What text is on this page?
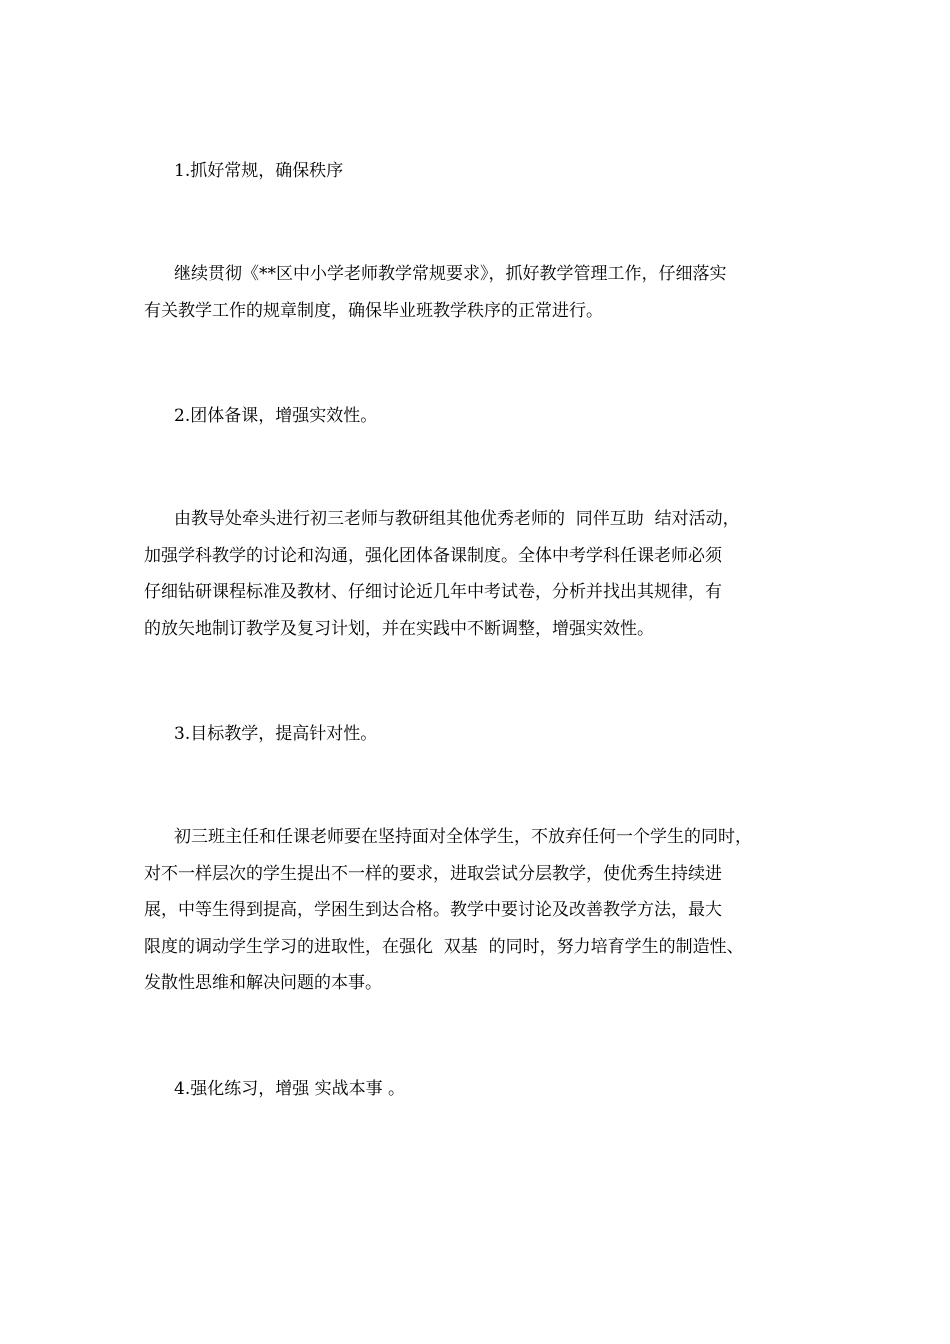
1.抓好常规，确保秩序
继续贯彻《**区中小学老师教学常规要求》，抓好教学管理工作，仔细落实
有关教学工作的规章制度，确保毕业班教学秩序的正常进行。
2.团体备课，增强实效性。
由教导处牵头进行初三老师与教研组其他优秀老师的  同伴互助  结对活动，
加强学科教学的讨论和沟通，强化团体备课制度。全体中考学科任课老师必须
仔细钻研课程标准及教材、仔细讨论近几年中考试卷，分析并找出其规律，有
的放矢地制订教学及复习计划，并在实践中不断调整，增强实效性。
3.目标教学，提高针对性。
初三班主任和任课老师要在坚持面对全体学生，不放弃任何一个学生的同时，
对不一样层次的学生提出不一样的要求，进取尝试分层教学，使优秀生持续进
展，中等生得到提高，学困生到达合格。教学中要讨论及改善教学方法，最大
限度的调动学生学习的进取性，在强化  双基  的同时，努力培育学生的制造性、
发散性思维和解决问题的本事。
4.强化练习，增强 实战本事 。
